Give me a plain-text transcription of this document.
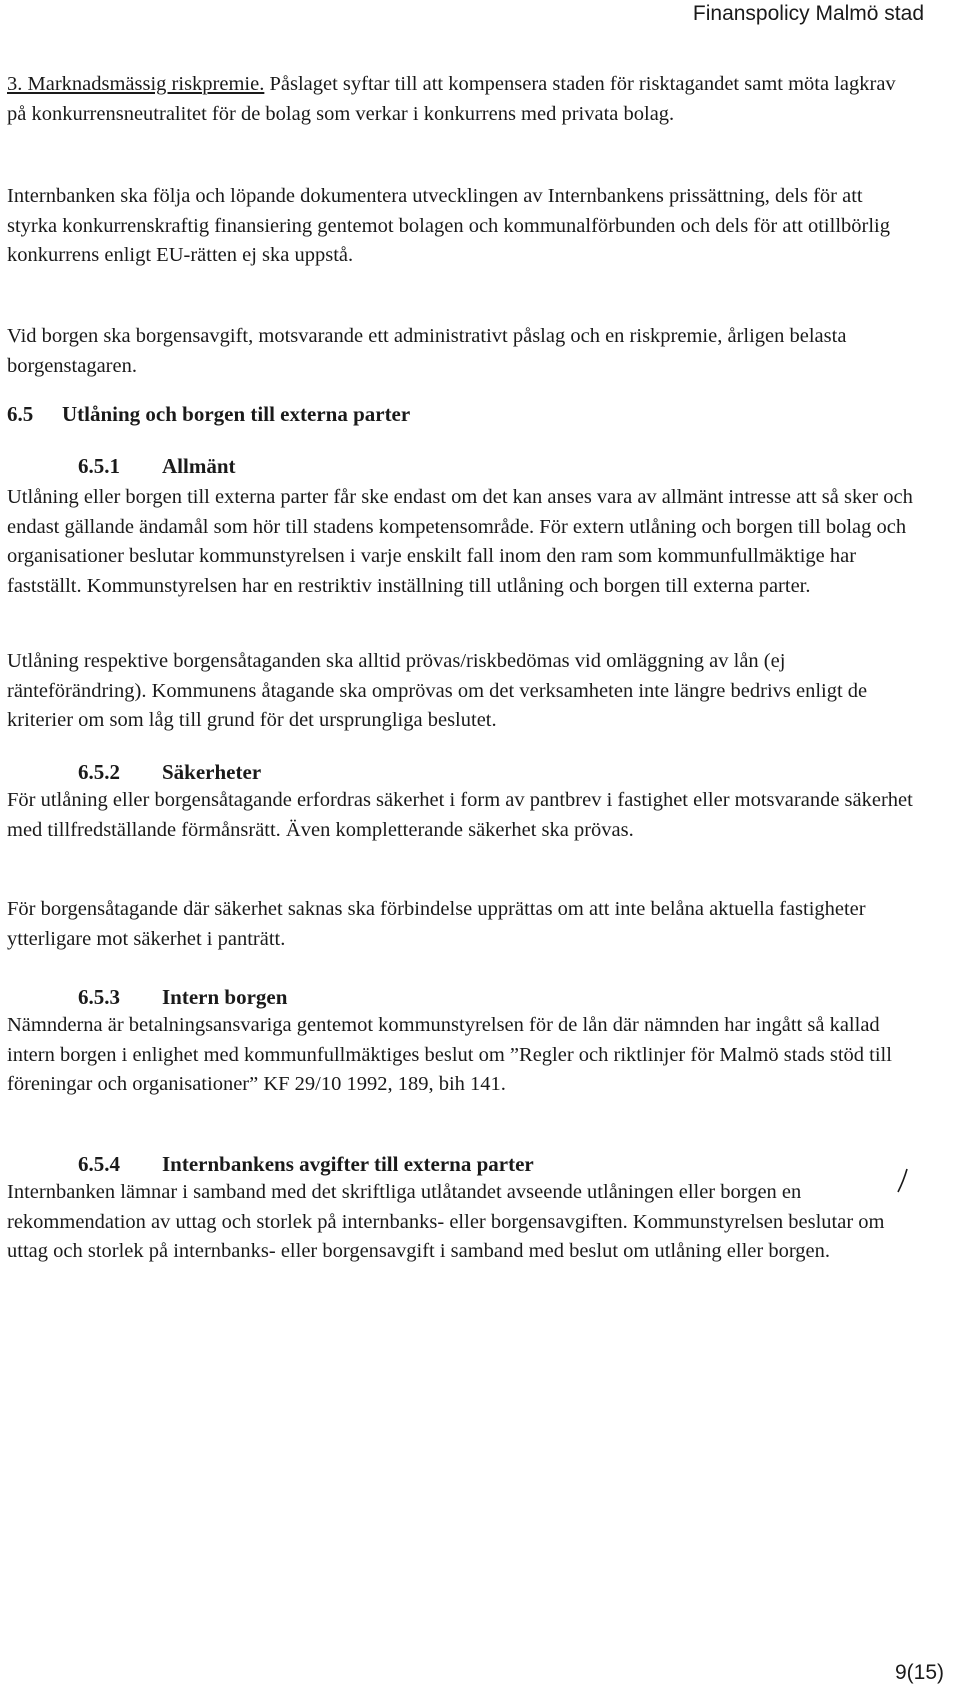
Finanspolicy Malmö stad

3. Marknadsmässig riskpremie. Påslaget syftar till att kompensera staden för risktagandet samt möta lagkrav på konkurrensneutralitet för de bolag som verkar i konkurrens med privata bolag.

Internbanken ska följa och löpande dokumentera utvecklingen av Internbankens prissättning, dels för att styrka konkurrenskraftig finansiering gentemot bolagen och kommunalförbunden och dels för att otillbörlig konkurrens enligt EU-rätten ej ska uppstå.

Vid borgen ska borgensavgift, motsvarande ett administrativt påslag och en riskpremie, årligen belasta borgenstagaren.

6.5 Utlåning och borgen till externa parter
6.5.1 Allmänt

Utlåning eller borgen till externa parter får ske endast om det kan anses vara av allmänt intresse att så sker och endast gällande ändamål som hör till stadens kompetensområde. För extern utlåning och borgen till bolag och organisationer beslutar kommunstyrelsen i varje enskilt fall inom den ram som kommunfullmäktige har fastställt. Kommunstyrelsen har en restriktiv inställning till utlåning och borgen till externa parter.

Utlåning respektive borgensåtaganden ska alltid prövas/riskbedömas vid omläggning av lån (ej ränteförändring). Kommunens åtagande ska omprövas om det verksamheten inte längre bedrivs enligt de kriterier om som låg till grund för det ursprungliga beslutet.

6.5.2 Säkerheter

För utlåning eller borgensåtagande erfordras säkerhet i form av pantbrev i fastighet eller motsvarande säkerhet med tillfredställande förmånsrätt. Även kompletterande säkerhet ska prövas.

För borgensåtagande där säkerhet saknas ska förbindelse upprättas om att inte belåna aktuella fastigheter ytterligare mot säkerhet i panträtt.

6.5.3 Intern borgen

Nämnderna är betalningsansvariga gentemot kommunstyrelsen för de lån där nämnden har ingått så kallad intern borgen i enlighet med kommunfullmäktiges beslut om ”Regler och riktlinjer för Malmö stads stöd till föreningar och organisationer” KF 29/10 1992, 189, bih 141.

6.5.4 Internbankens avgifter till externa parter

Internbanken lämnar i samband med det skriftliga utlåtandet avseende utlåningen eller borgen en rekommendation av uttag och storlek på internbanks- eller borgensavgiften. Kommunstyrelsen beslutar om uttag och storlek på internbanks- eller borgensavgift i samband med beslut om utlåning eller borgen.

9(15)
